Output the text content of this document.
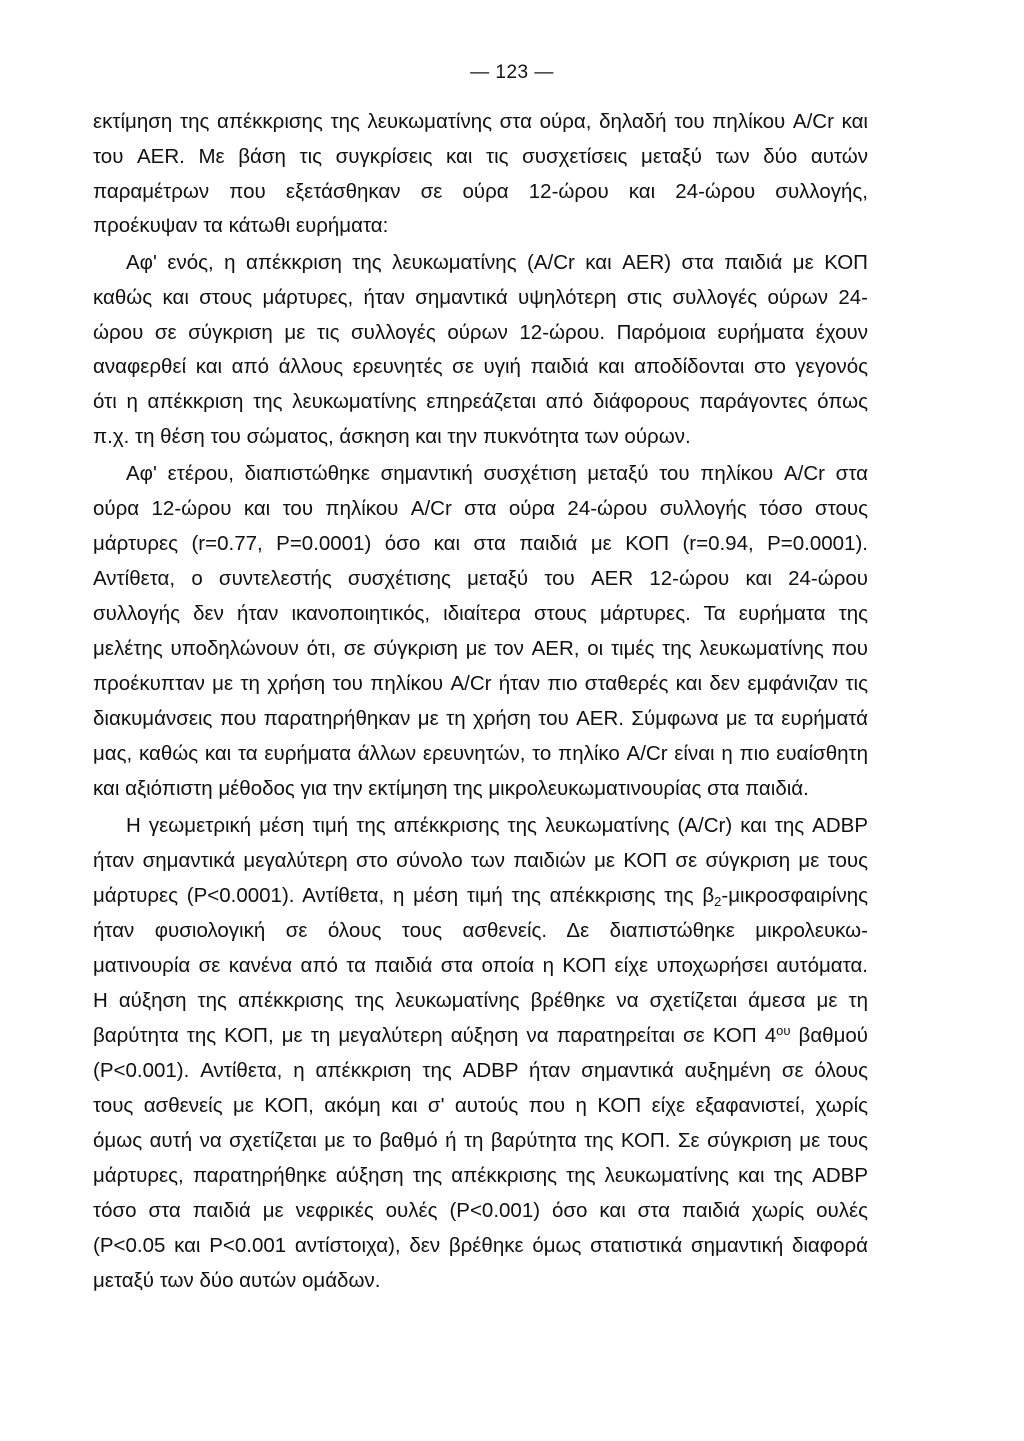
— 123 —
εκτίμηση της απέκκρισης της λευκωματίνης στα ούρα, δηλαδή του πηλίκου A/Cr και
του AER. Με βάση τις συγκρίσεις και τις συσχετίσεις μεταξύ των δύο αυτών
παραμέτρων που εξετάσθηκαν σε ούρα 12-ώρου και 24-ώρου συλλογής,
προέκυψαν τα κάτωθι ευρήματα:
Αφ' ενός, η απέκκριση της λευκωματίνης (A/Cr και AER) στα παιδιά με ΚΟΠ
καθώς και στους μάρτυρες, ήταν σημαντικά υψηλότερη στις συλλογές ούρων 24-
ώρου σε σύγκριση με τις συλλογές ούρων 12-ώρου. Παρόμοια ευρήματα έχουν
αναφερθεί και από άλλους ερευνητές σε υγιή παιδιά και αποδίδονται στο γεγονός
ότι η απέκκριση της λευκωματίνης επηρεάζεται από διάφορους παράγοντες όπως
π.χ. τη θέση του σώματος, άσκηση και την πυκνότητα των ούρων.
Αφ' ετέρου, διαπιστώθηκε σημαντική συσχέτιση μεταξύ του πηλίκου A/Cr στα
ούρα 12-ώρου και του πηλίκου A/Cr στα ούρα 24-ώρου συλλογής τόσο στους
μάρτυρες (r=0.77, P=0.0001) όσο και στα παιδιά με ΚΟΠ (r=0.94, P=0.0001).
Αντίθετα, ο συντελεστής συσχέτισης μεταξύ του AER 12-ώρου και 24-ώρου
συλλογής δεν ήταν ικανοποιητικός, ιδιαίτερα στους μάρτυρες. Τα ευρήματα της
μελέτης υποδηλώνουν ότι, σε σύγκριση με τον AER, οι τιμές της λευκωματίνης που
προέκυπταν με τη χρήση του πηλίκου A/Cr ήταν πιο σταθερές και δεν εμφάνιζαν τις
διακυμάνσεις που παρατηρήθηκαν με τη χρήση του AER. Σύμφωνα με τα ευρήματά
μας, καθώς και τα ευρήματα άλλων ερευνητών, το πηλίκο A/Cr είναι η πιο ευαίσθητη
και αξιόπιστη μέθοδος για την εκτίμηση της μικρολευκωματινουρίας στα παιδιά.
Η γεωμετρική μέση τιμή της απέκκρισης της λευκωματίνης (A/Cr) και της ADBP
ήταν σημαντικά μεγαλύτερη στο σύνολο των παιδιών με ΚΟΠ σε σύγκριση με τους
μάρτυρες (P<0.0001). Αντίθετα, η μέση τιμή της απέκκρισης της $\beta_2$-μικροσφαιρίνης
ήταν φυσιολογική σε όλους τους ασθενείς. Δε διαπιστώθηκε μικρολευκω-
ματινουρία σε κανένα από τα παιδιά στα οποία η ΚΟΠ είχε υποχωρήσει αυτόματα.
Η αύξηση της απέκκρισης της λευκωματίνης βρέθηκε να σχετίζεται άμεσα με τη
βαρύτητα της ΚΟΠ, με τη μεγαλύτερη αύξηση να παρατηρείται σε ΚΟΠ $4^{o\upsilon}$ βαθμού
(P<0.001). Αντίθετα, η απέκκριση της ADBP ήταν σημαντικά αυξημένη σε όλους
τους ασθενείς με ΚΟΠ, ακόμη και σ' αυτούς που η ΚΟΠ είχε εξαφανιστεί, χωρίς
όμως αυτή να σχετίζεται με το βαθμό ή τη βαρύτητα της ΚΟΠ. Σε σύγκριση με τους
μάρτυρες, παρατηρήθηκε αύξηση της απέκκρισης της λευκωματίνης και της ADBP
τόσο στα παιδιά με νεφρικές ουλές (P<0.001) όσο και στα παιδιά χωρίς ουλές
(P<0.05 και P<0.001 αντίστοιχα), δεν βρέθηκε όμως στατιστικά σημαντική διαφορά
μεταξύ των δύο αυτών ομάδων.
